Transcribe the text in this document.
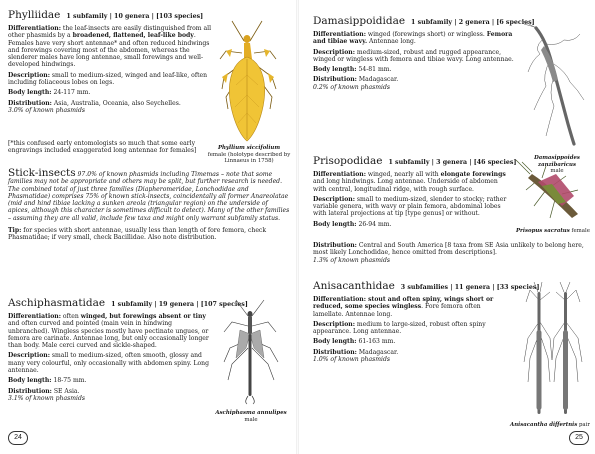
Phylliidae 1 subfamily | 10 genera | [103 species]

Differentiation: the leaf-insects are easily distinguished from all other phasmids by a broadened, flattened, leaf-like body. Females have very short antennae* and often reduced hindwings and forewings covering most of the abdomen, whereas the slenderer males have long antennae, small forewings and well-developed hindwings.

Description: small to medium-sized, winged and leaf-like, often including foliaceous lobes on legs.

Body length: 24-117 mm.

Distribution: Asia, Australia, Oceania, also Seychelles.

3.0% of known phasmids

[*this confused early entomologists so much that some early engravings included exaggerated long antennae for females]	Phyllium siccifolium
female (holotype described by Linnaeus in 1758)

Stick-insects 97.0% of known phasmids including Timemas – note that some families may not be appropriate and others may be split, but further research is needed. The combined total of just three families (Diapheromeridae, Lonchodidae and Phasmatidae) comprises 75% of known stick-insects, coincidentally all former Anareolatae (mid and hind tibiae lacking a sunken areola (triangular region) on the underside of apices, although this character is sometimes difficult to detect). Many of the other families – assuming they are all valid, include few taxa and might only warrant subfamily status.

Tip: for species with short antennae, usually less than length of fore femora, check Phasmatidae; if very small, check Bacillidae. Also note distribution.

Aschiphasmatidae 1 subfamily | 19 genera | [107 species]

Differentiation: often winged, but forewings absent or tiny and often curved and pointed (main vein in hindwing unbranched). Wingless species mostly have pectinate ungues, or femora are carinate. Antennae long, but only occasionally longer than body. Male cerci curved and sickle-shaped.

Description: small to medium-sized, often smooth, glossy and many very colourful, only occasionally with abdomen spiny. Long antennae.

Body length: 18-75 mm.

Distribution: SE Asia.

3.1% of known phasmids

Aschiphasma annulipes
male
24
Damasippoididae 1 subfamily | 2 genera | [6 species]

Differentiation: winged (forewings short) or wingless. Femora and tibiae wavy. Antennae long.

Description: medium-sized, robust and rugged appearance, winged or wingless with femora and tibiae wavy. Long antennae.

Body length: 54-81 mm.

Distribution: Madagascar.

0.2% of known phasmids

Damasippoides zanzibaricus
male
Prisopodidae 1 subfamily | 3 genera | [46 species]

Differentiation: winged, nearly all with elongate forewings and long hindwings. Long antennae. Underside of abdomen with central, longitudinal ridge, with rough surface.

Description: small to medium-sized, slender to stocky; rather variable genera, with wavy or plain femora, abdominal lobes with lateral projections at tip [type genus] or without.

Body length: 26-94 mm.

Distribution: Central and South America [8 taxa from SE Asia unlikely to belong here, most likely Lonchodidae, hence omitted from descriptions].

1.3% of known phasmids

Prisopus sacratus female
Anisacanthidae 3 subfamilies | 11 genera | [33 species]

Differentiation: stout and often spiny, wings short or reduced, some species wingless. Fore femora often lamellate. Antennae long.

Description: medium to large-sized, robust often spiny appearance. Long antennae.

Body length: 61-163 mm.

Distribution: Madagascar.

1.0% of known phasmids

Anisacantha differtnis pair
25
